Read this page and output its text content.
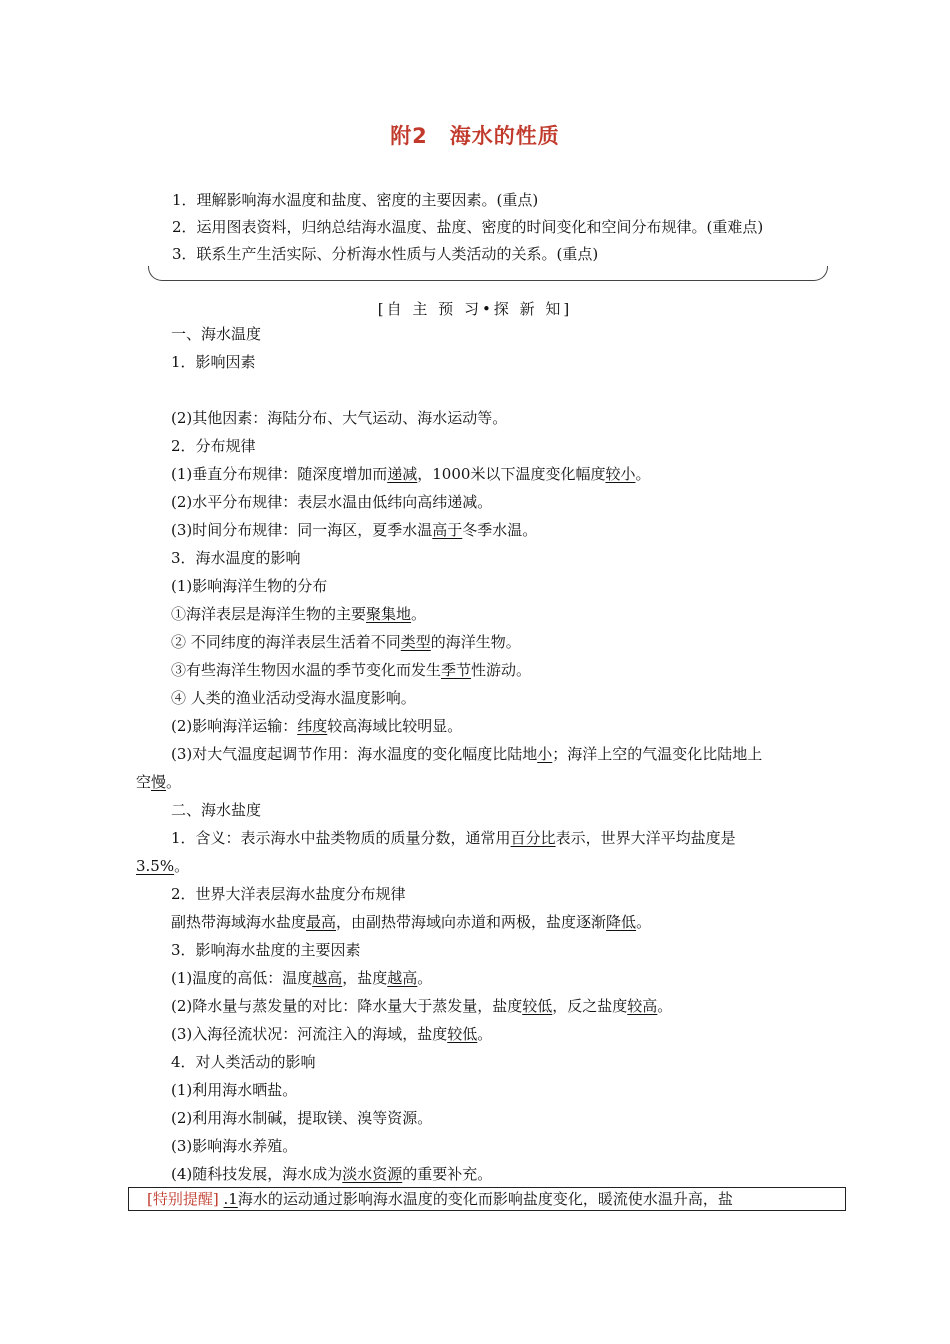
附2　海水的性质
1．理解影响海水温度和盐度、密度的主要因素。(重点)
2．运用图表资料，归纳总结海水温度、盐度、密度的时间变化和空间分布规律。(重难点)
3．联系生产生活实际、分析海水性质与人类活动的关系。(重点)
[自 主 预 习•探 新 知]
一、海水温度
1．影响因素
(2)其他因素：海陆分布、大气运动、海水运动等。
2．分布规律
(1)垂直分布规律：随深度增加而递减，1000米以下温度变化幅度较小。
(2)水平分布规律：表层水温由低纬向高纬递减。
(3)时间分布规律：同一海区，夏季水温高于冬季水温。
3．海水温度的影响
(1)影响海洋生物的分布
①海洋表层是海洋生物的主要聚集地。
② 不同纬度的海洋表层生活着不同类型的海洋生物。
③有些海洋生物因水温的季节变化而发生季节性游动。
④ 人类的渔业活动受海水温度影响。
(2)影响海洋运输：纬度较高海域比较明显。
(3)对大气温度起调节作用：海水温度的变化幅度比陆地小；海洋上空的气温变化比陆地上
空慢。
二、海水盐度
1．含义：表示海水中盐类物质的质量分数，通常用百分比表示，世界大洋平均盐度是
3.5%。
2．世界大洋表层海水盐度分布规律
副热带海域海水盐度最高，由副热带海域向赤道和两极，盐度逐渐降低。
3．影响海水盐度的主要因素
(1)温度的高低：温度越高，盐度越高。
(2)降水量与蒸发量的对比：降水量大于蒸发量，盐度较低，反之盐度较高。
(3)入海径流状况：河流注入的海域，盐度较低。
4．对人类活动的影响
(1)利用海水晒盐。
(2)利用海水制碱，提取镁、溴等资源。
(3)影响海水养殖。
(4)随科技发展，海水成为淡水资源的重要补充。
[特别提醒] .1海水的运动通过影响海水温度的变化而影响盐度变化，暖流使水温升高，盐
